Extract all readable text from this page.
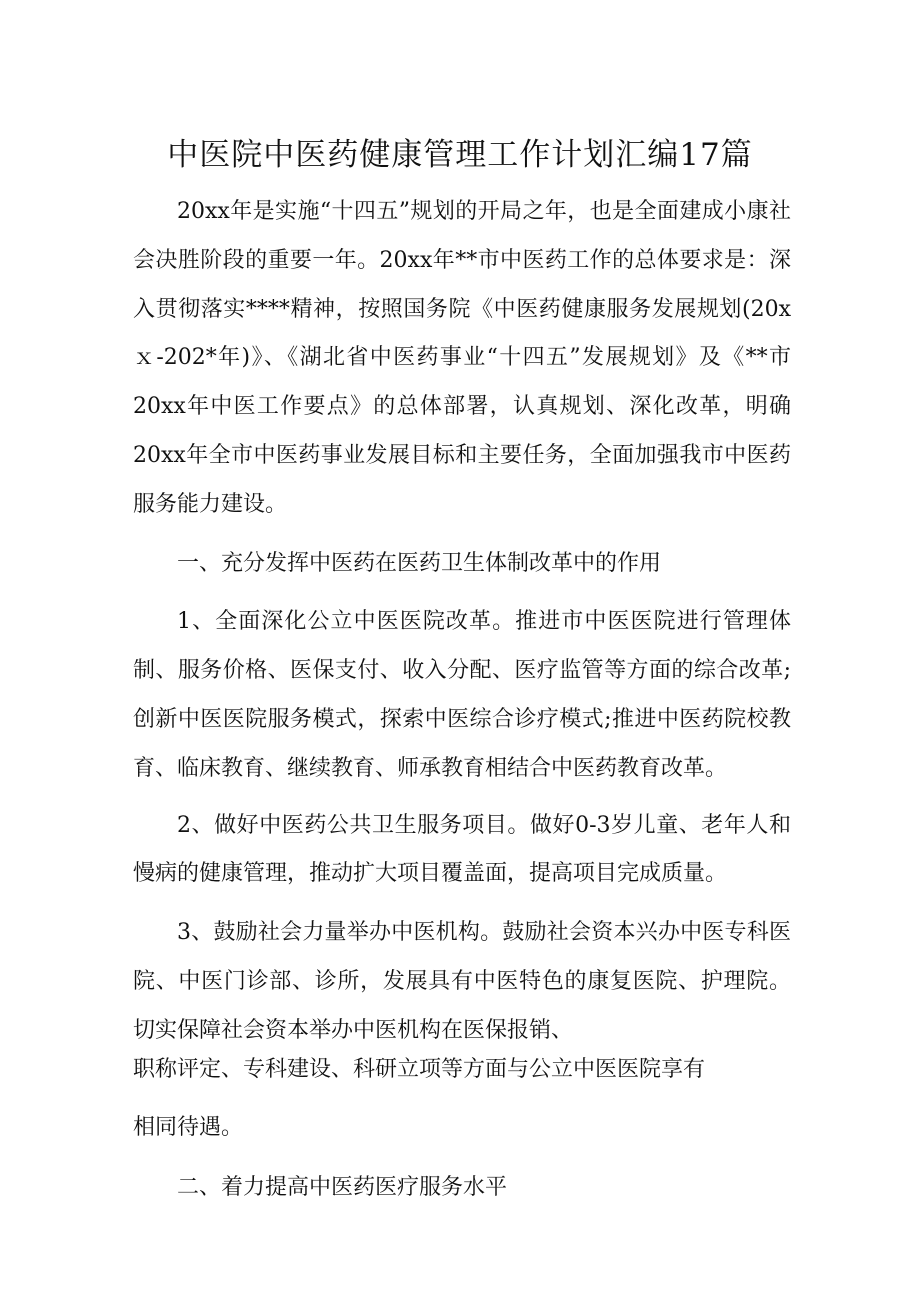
中医院中医药健康管理工作计划汇编17篇

20xx年是实施“十四五”规划的开局之年，也是全面建成小康社会决胜阶段的重要一年。20xx年**市中医药工作的总体要求是：深入贯彻落实****精神，按照国务院《中医药健康服务发展规划(20xｘ-202*年)》、《湖北省中医药事业“十四五”发展规划》及《**市20xx年中医工作要点》的总体部署，认真规划、深化改革，明确20xx年全市中医药事业发展目标和主要任务，全面加强我市中医药服务能力建设。

一、充分发挥中医药在医药卫生体制改革中的作用

1、全面深化公立中医医院改革。推进市中医医院进行管理体制、服务价格、医保支付、收入分配、医疗监管等方面的综合改革;创新中医医院服务模式，探索中医综合诊疗模式;推进中医药院校教育、临床教育、继续教育、师承教育相结合中医药教育改革。

2、做好中医药公共卫生服务项目。做好0-3岁儿童、老年人和慢病的健康管理，推动扩大项目覆盖面，提高项目完成质量。

3、鼓励社会力量举办中医机构。鼓励社会资本兴办中医专科医院、中医门诊部、诊所，发展具有中医特色的康复医院、护理院。切实保障社会资本举办中医机构在医保报销、

职称评定、专科建设、科研立项等方面与公立中医医院享有

相同待遇。

二、着力提高中医药医疗服务水平
